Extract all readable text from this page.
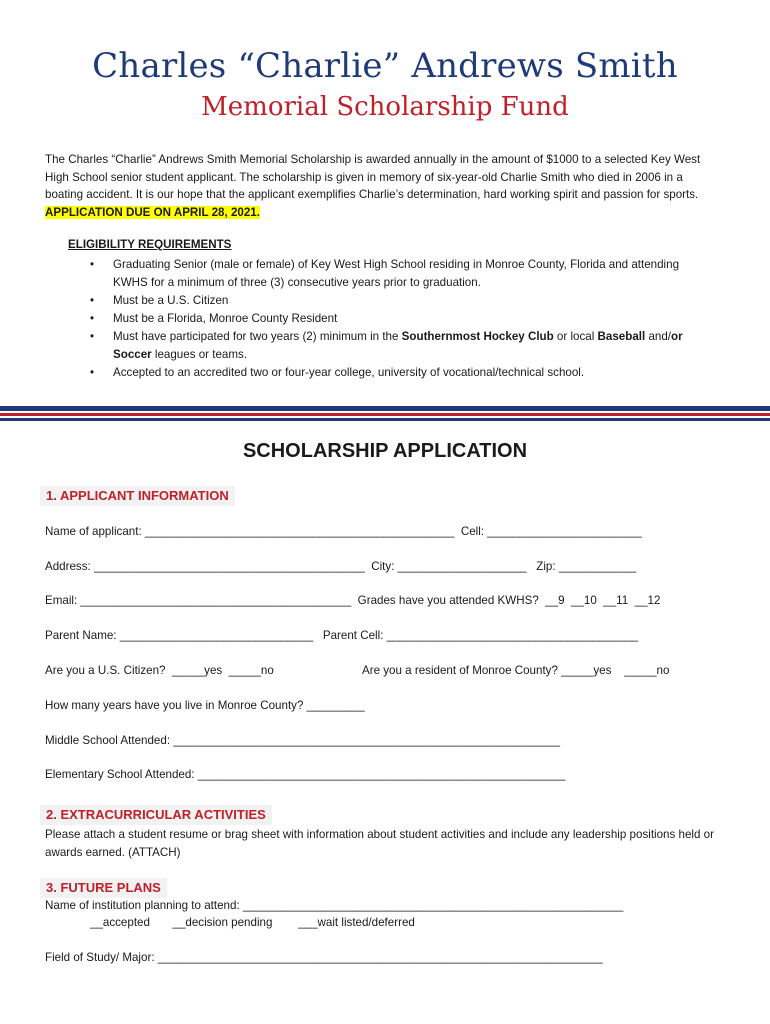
Charles “Charlie” Andrews Smith
Memorial Scholarship Fund
The Charles “Charlie” Andrews Smith Memorial Scholarship is awarded annually in the amount of $1000 to a selected Key West High School senior student applicant. The scholarship is given in memory of six-year-old Charlie Smith who died in 2006 in a boating accident. It is our hope that the applicant exemplifies Charlie’s determination, hard working spirit and passion for sports. APPLICATION DUE ON APRIL 28, 2021.
ELIGIBILITY REQUIREMENTS
• Graduating Senior (male or female) of Key West High School residing in Monroe County, Florida and attending KWHS for a minimum of three (3) consecutive years prior to graduation.
• Must be a U.S. Citizen
• Must be a Florida, Monroe County Resident
• Must have participated for two years (2) minimum in the Southernmost Hockey Club or local Baseball and/or Soccer leagues or teams.
• Accepted to an accredited two or four-year college, university of vocational/technical school.
SCHOLARSHIP APPLICATION
1. APPLICANT INFORMATION
Name of applicant: ________________________________________________  Cell: ________________________
Address: __________________________________________  City: ____________________   Zip: ____________
Email: __________________________________________  Grades have you attended KWHS?  __9  __10  __11  __12
Parent Name: ______________________________   Parent Cell: _______________________________________
Are you a U.S. Citizen?  _____yes  _____no	Are you a resident of Monroe County? _____yes    _____no
How many years have you live in Monroe County? _________
Middle School Attended: ____________________________________________________________
Elementary School Attended: _________________________________________________________
2. EXTRACURRICULAR ACTIVITIES
Please attach a student resume or brag sheet with information about student activities and include any leadership positions held or awards earned. (ATTACH)
3. FUTURE PLANS
Name of institution planning to attend: ___________________________________________________________
__accepted       __decision pending        ___wait listed/deferred
Field of Study/ Major: _____________________________________________________________________
